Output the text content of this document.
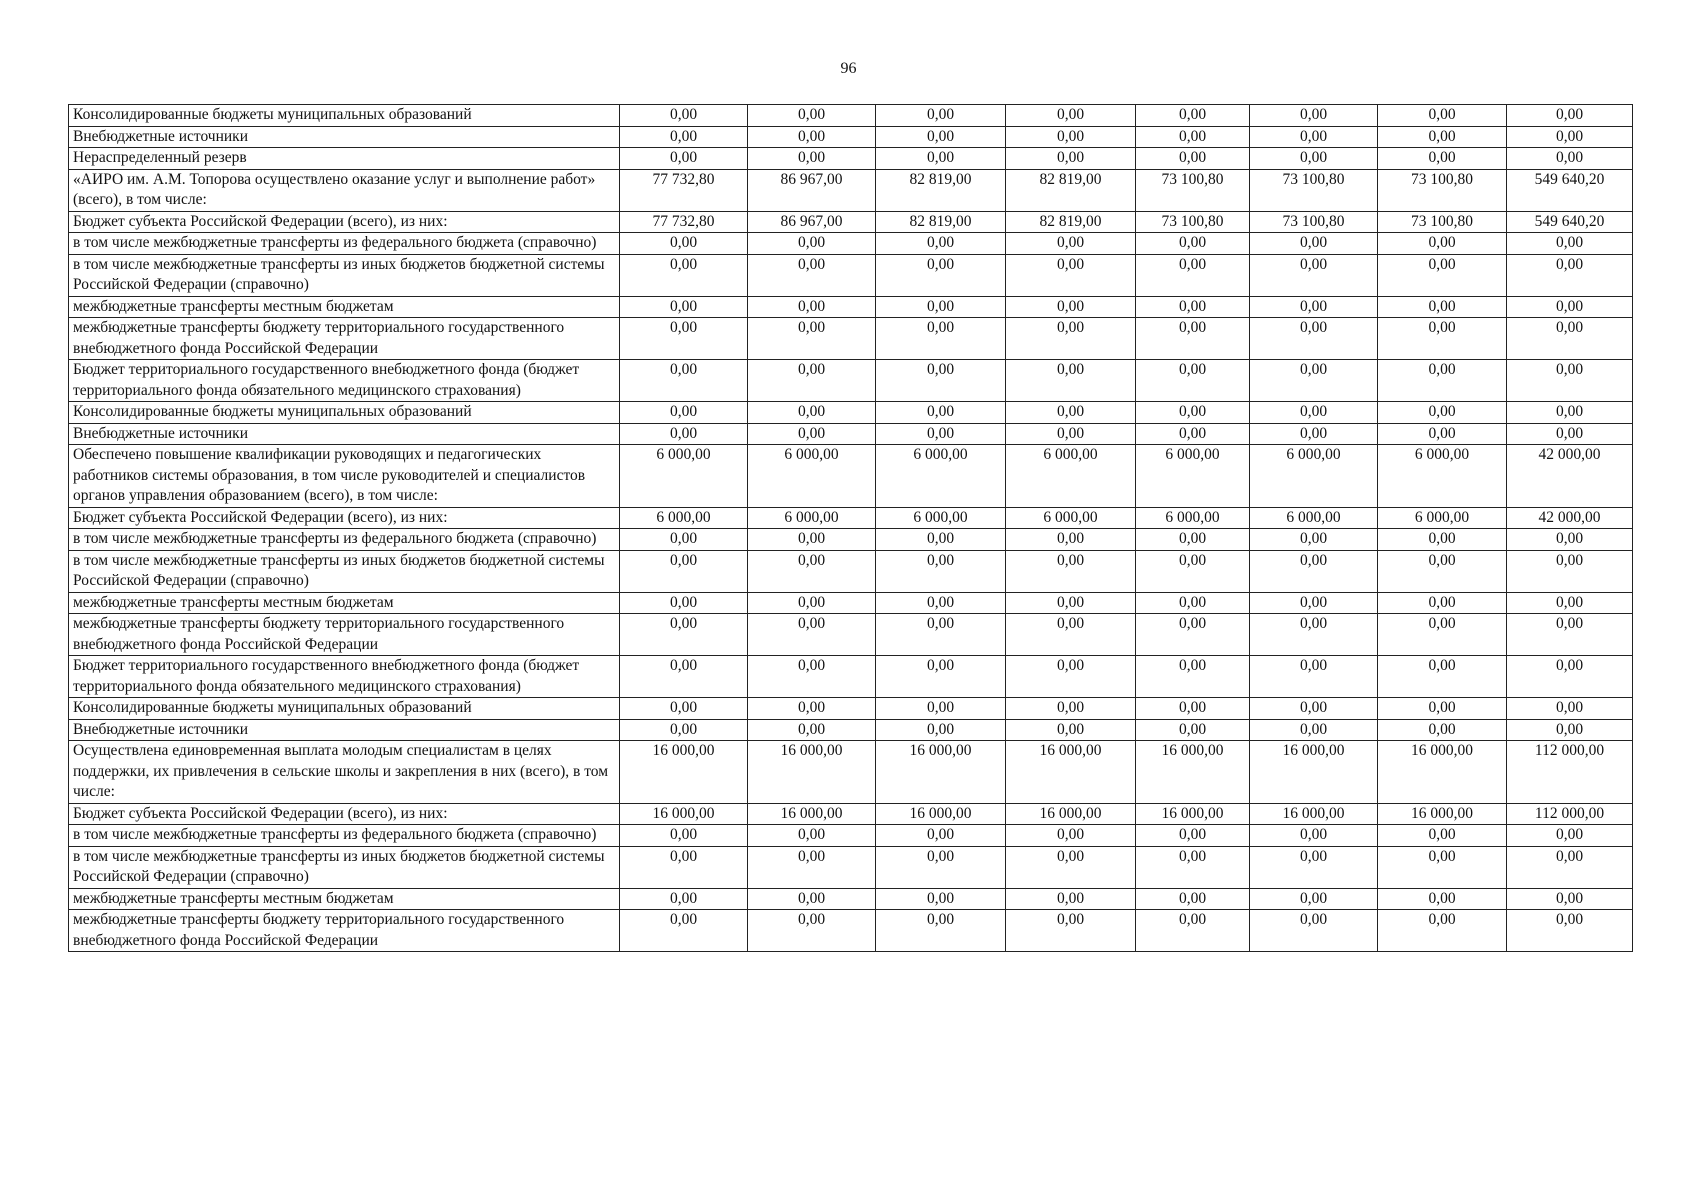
96
Консолидированные бюджеты муниципальных образований	0,00	0,00	0,00	0,00	0,00	0,00	0,00	0,00
Внебюджетные источники	0,00	0,00	0,00	0,00	0,00	0,00	0,00	0,00
Нераспределенный резерв	0,00	0,00	0,00	0,00	0,00	0,00	0,00	0,00
«АИРО им. А.М. Топорова осуществлено оказание услуг и выполнение работ» (всего), в том числе:	77 732,80	86 967,00	82 819,00	82 819,00	73 100,80	73 100,80	73 100,80	549 640,20
Бюджет субъекта Российской Федерации (всего), из них:	77 732,80	86 967,00	82 819,00	82 819,00	73 100,80	73 100,80	73 100,80	549 640,20
в том числе межбюджетные трансферты из федерального бюджета (справочно)	0,00	0,00	0,00	0,00	0,00	0,00	0,00	0,00
в том числе межбюджетные трансферты из иных бюджетов бюджетной системы Российской Федерации (справочно)	0,00	0,00	0,00	0,00	0,00	0,00	0,00	0,00
межбюджетные трансферты местным бюджетам	0,00	0,00	0,00	0,00	0,00	0,00	0,00	0,00
межбюджетные трансферты бюджету территориального государственного внебюджетного фонда Российской Федерации	0,00	0,00	0,00	0,00	0,00	0,00	0,00	0,00
Бюджет территориального государственного внебюджетного фонда (бюджет территориального фонда обязательного медицинского страхования)	0,00	0,00	0,00	0,00	0,00	0,00	0,00	0,00
Консолидированные бюджеты муниципальных образований	0,00	0,00	0,00	0,00	0,00	0,00	0,00	0,00
Внебюджетные источники	0,00	0,00	0,00	0,00	0,00	0,00	0,00	0,00
Обеспечено повышение квалификации руководящих и педагогических работников системы образования, в том числе руководителей и специалистов органов управления образованием (всего), в том числе:	6 000,00	6 000,00	6 000,00	6 000,00	6 000,00	6 000,00	6 000,00	42 000,00
Бюджет субъекта Российской Федерации (всего), из них:	6 000,00	6 000,00	6 000,00	6 000,00	6 000,00	6 000,00	6 000,00	42 000,00
в том числе межбюджетные трансферты из федерального бюджета (справочно)	0,00	0,00	0,00	0,00	0,00	0,00	0,00	0,00
в том числе межбюджетные трансферты из иных бюджетов бюджетной системы Российской Федерации (справочно)	0,00	0,00	0,00	0,00	0,00	0,00	0,00	0,00
межбюджетные трансферты местным бюджетам	0,00	0,00	0,00	0,00	0,00	0,00	0,00	0,00
межбюджетные трансферты бюджету территориального государственного внебюджетного фонда Российской Федерации	0,00	0,00	0,00	0,00	0,00	0,00	0,00	0,00
Бюджет территориального государственного внебюджетного фонда (бюджет территориального фонда обязательного медицинского страхования)	0,00	0,00	0,00	0,00	0,00	0,00	0,00	0,00
Консолидированные бюджеты муниципальных образований	0,00	0,00	0,00	0,00	0,00	0,00	0,00	0,00
Внебюджетные источники	0,00	0,00	0,00	0,00	0,00	0,00	0,00	0,00
Осуществлена единовременная выплата молодым специалистам в целях поддержки, их привлечения в сельские школы и закрепления в них (всего), в том числе:	16 000,00	16 000,00	16 000,00	16 000,00	16 000,00	16 000,00	16 000,00	112 000,00
Бюджет субъекта Российской Федерации (всего), из них:	16 000,00	16 000,00	16 000,00	16 000,00	16 000,00	16 000,00	16 000,00	112 000,00
в том числе межбюджетные трансферты из федерального бюджета (справочно)	0,00	0,00	0,00	0,00	0,00	0,00	0,00	0,00
в том числе межбюджетные трансферты из иных бюджетов бюджетной системы Российской Федерации (справочно)	0,00	0,00	0,00	0,00	0,00	0,00	0,00	0,00
межбюджетные трансферты местным бюджетам	0,00	0,00	0,00	0,00	0,00	0,00	0,00	0,00
межбюджетные трансферты бюджету территориального государственного внебюджетного фонда Российской Федерации	0,00	0,00	0,00	0,00	0,00	0,00	0,00	0,00
